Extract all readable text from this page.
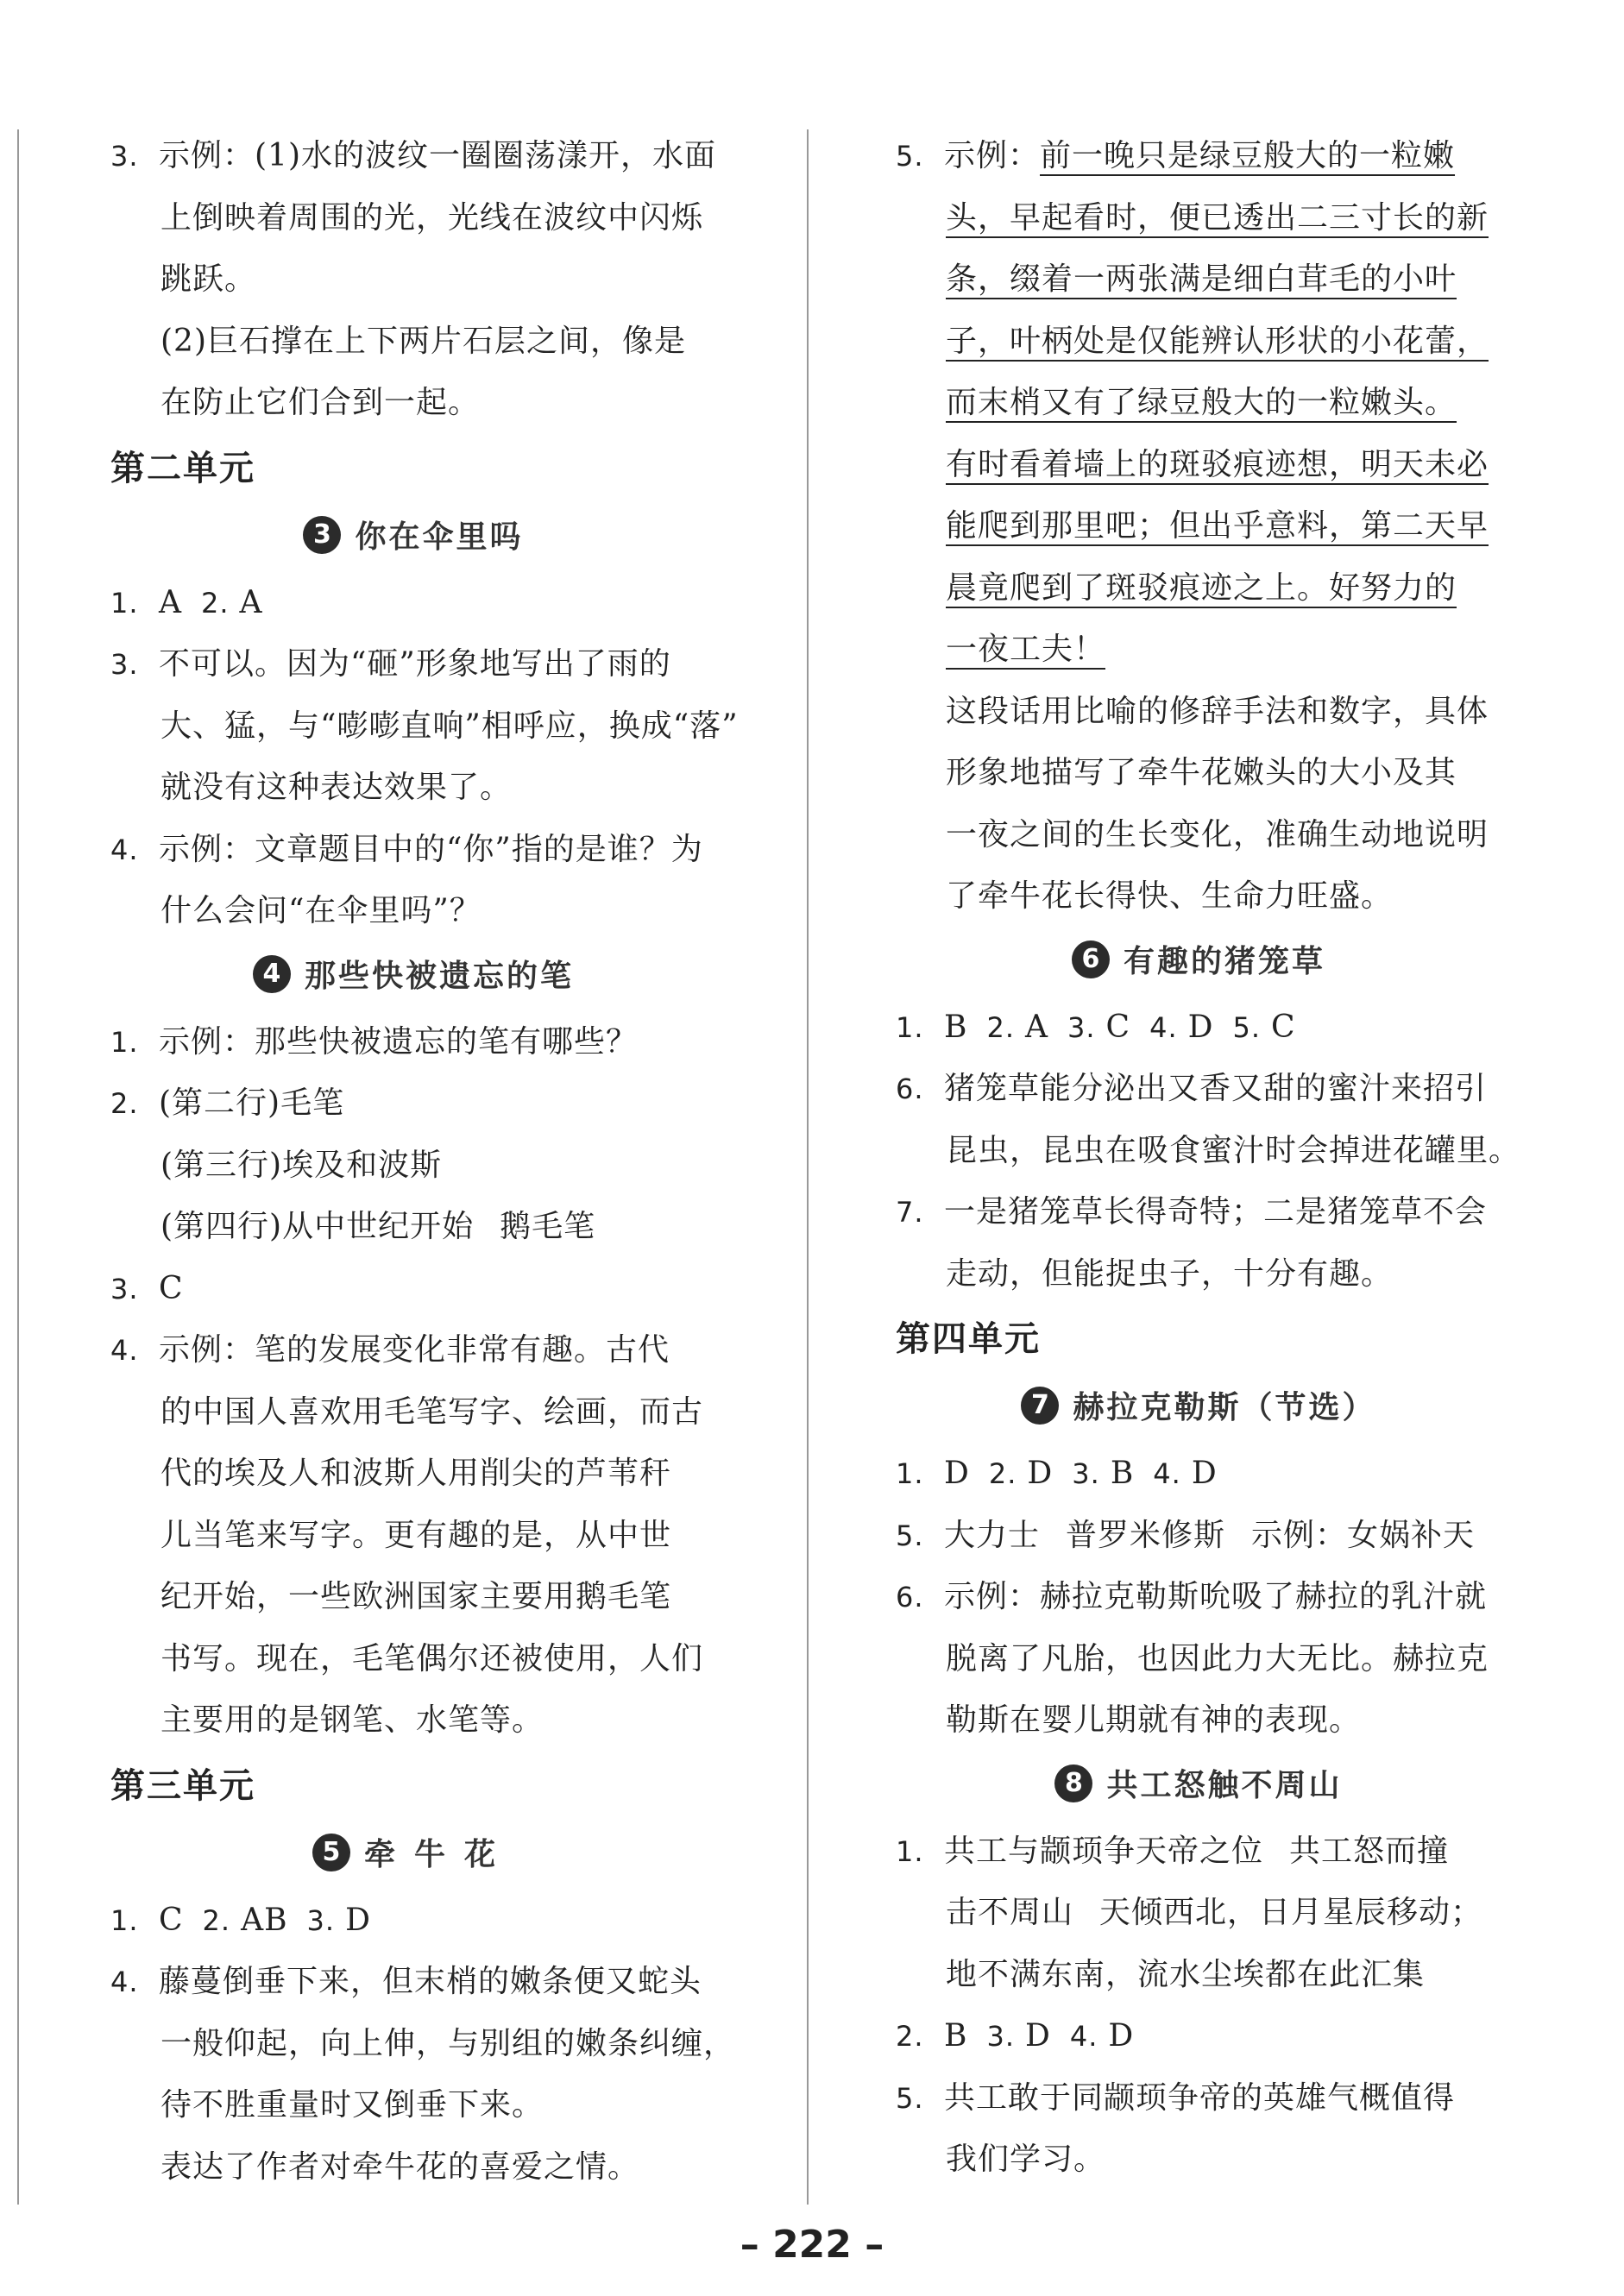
3. 示例：(1)水的波纹一圈圈荡漾开，水面
上倒映着周围的光，光线在波纹中闪烁
跳跃。
(2)巨石撑在上下两片石层之间，像是
在防止它们合到一起。
第二单元
3 你在伞里吗
1. A 2. A
3. 不可以。因为“砸”形象地写出了雨的
大、猛，与“嘭嘭直响”相呼应，换成“落”
就没有这种表达效果了。
4. 示例：文章题目中的“你”指的是谁？为
什么会问“在伞里吗”？
4 那些快被遗忘的笔
1. 示例：那些快被遗忘的笔有哪些？
2. (第二行)毛笔
(第三行)埃及和波斯
(第四行)从中世纪开始 鹅毛笔
3. C
4. 示例：笔的发展变化非常有趣。古代
的中国人喜欢用毛笔写字、绘画，而古
代的埃及人和波斯人用削尖的芦苇秆
儿当笔来写字。更有趣的是，从中世
纪开始，一些欧洲国家主要用鹅毛笔
书写。现在，毛笔偶尔还被使用，人们
主要用的是钢笔、水笔等。
第三单元
5 牵牛花
1. C 2. AB 3. D
4. 藤蔓倒垂下来，但末梢的嫩条便又蛇头
一般仰起，向上伸，与别组的嫩条纠缠，
待不胜重量时又倒垂下来。
表达了作者对牵牛花的喜爱之情。
5. 示例：前一晚只是绿豆般大的一粒嫩
头，早起看时，便已透出二三寸长的新
条，缀着一两张满是细白茸毛的小叶
子，叶柄处是仅能辨认形状的小花蕾，
而末梢又有了绿豆般大的一粒嫩头。
有时看着墙上的斑驳痕迹想，明天未必
能爬到那里吧；但出乎意料，第二天早
晨竟爬到了斑驳痕迹之上。好努力的
一夜工夫！
这段话用比喻的修辞手法和数字，具体
形象地描写了牵牛花嫩头的大小及其
一夜之间的生长变化，准确生动地说明
了牵牛花长得快、生命力旺盛。
6 有趣的猪笼草
1. B 2. A 3. C 4. D 5. C
6. 猪笼草能分泌出又香又甜的蜜汁来招引
昆虫，昆虫在吸食蜜汁时会掉进花罐里。
7. 一是猪笼草长得奇特；二是猪笼草不会
走动，但能捉虫子，十分有趣。
第四单元
7 赫拉克勒斯（节选）
1. D 2. D 3. B 4. D
5. 大力士 普罗米修斯 示例：女娲补天
6. 示例：赫拉克勒斯吮吸了赫拉的乳汁就
脱离了凡胎，也因此力大无比。赫拉克
勒斯在婴儿期就有神的表现。
8 共工怒触不周山
1. 共工与颛顼争天帝之位 共工怒而撞
击不周山 天倾西北，日月星辰移动；
地不满东南，流水尘埃都在此汇集
2. B 3. D 4. D
5. 共工敢于同颛顼争帝的英雄气概值得
我们学习。
– 222 –
